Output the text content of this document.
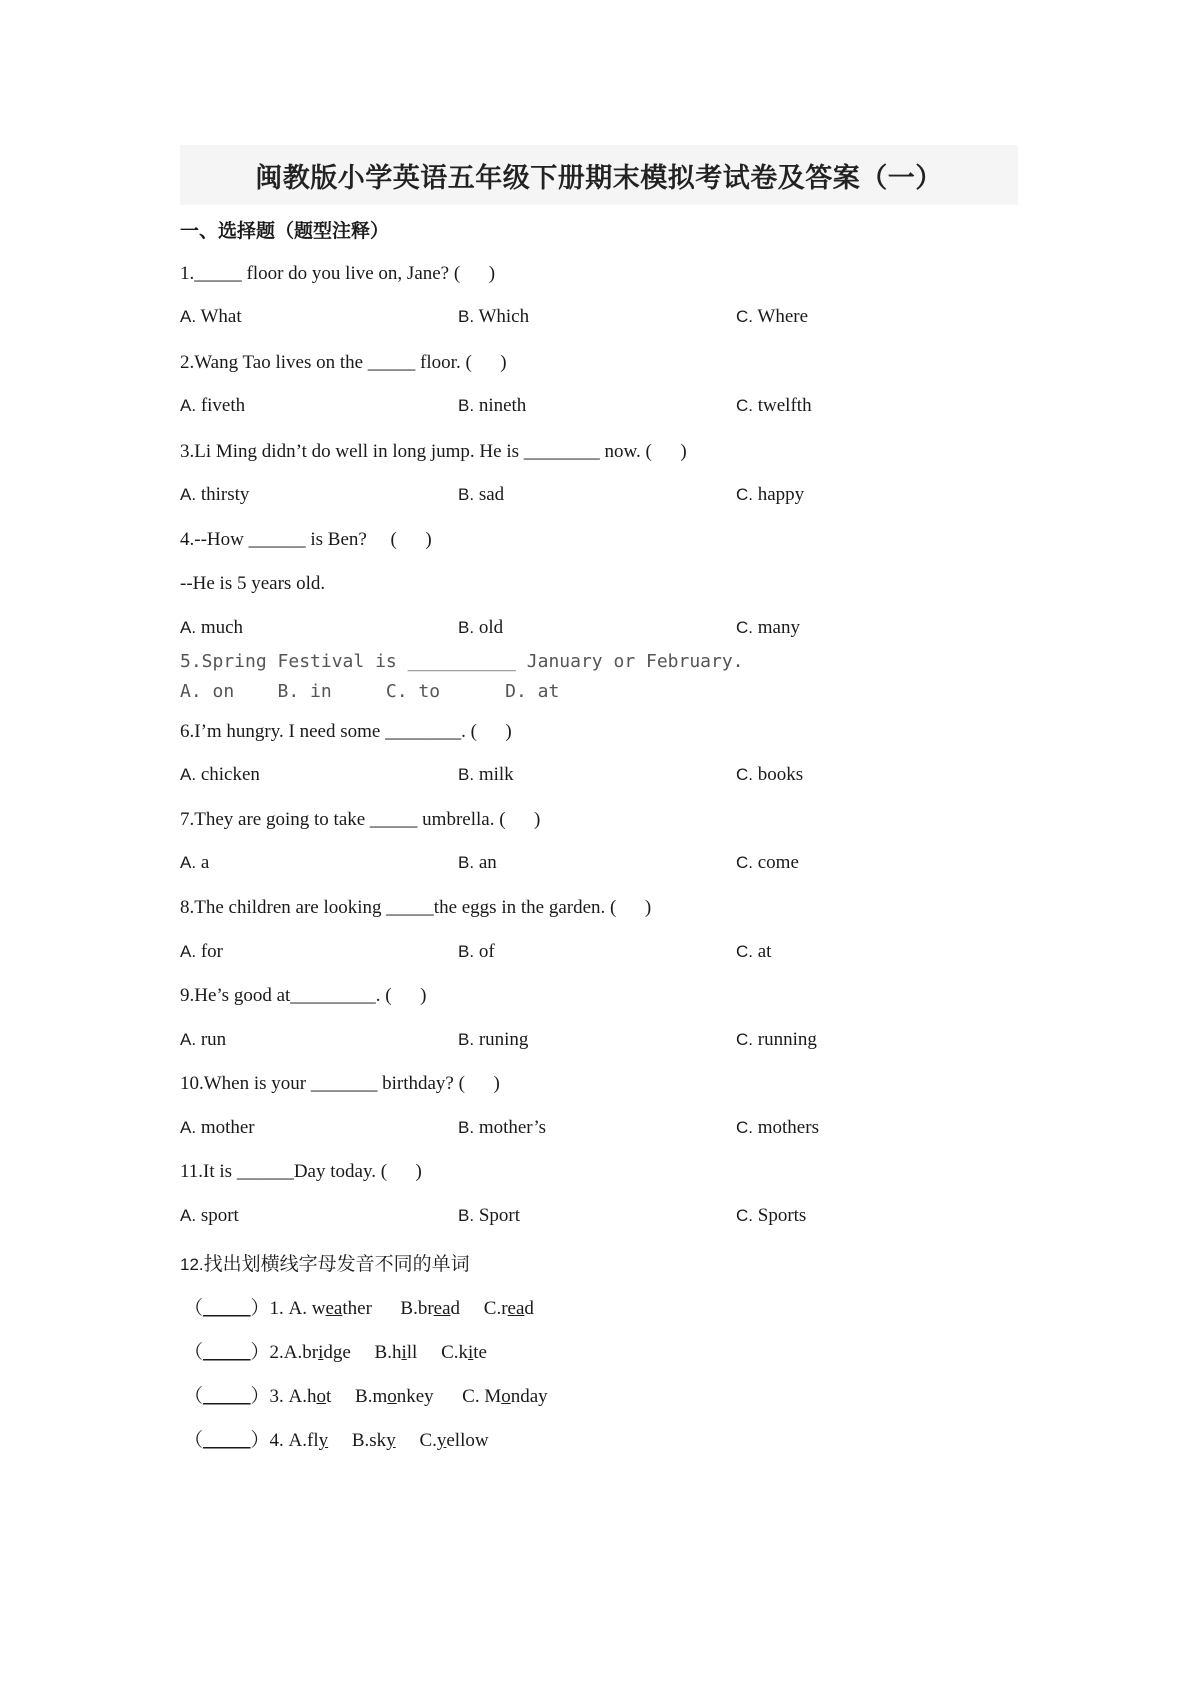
闽教版小学英语五年级下册期末模拟考试卷及答案（一）
一、选择题（题型注释）
1._____ floor do you live on, Jane? (      )
A. What	B. Which	C. Where
2.Wang Tao lives on the _____ floor. (      )
A. fiveth	B. nineth	C. twelfth
3.Li Ming didn’t do well in long jump. He is ________ now. (      )
A. thirsty	B. sad	C. happy
4.--How ______ is Ben?     (      )
--He is 5 years old.
A. much	B. old	C. many
5.Spring Festival is __________ January or February.
A. on    B. in     C. to      D. at
6.I’m hungry. I need some ________. (      )
A. chicken	B. milk	C. books
7.They are going to take _____ umbrella. (      )
A. a	B. an	C. come
8.The children are looking _____the eggs in the garden. (      )
A. for	B. of	C. at
9.He’s good at_________. (      )
A. run	B. runing	C. running
10.When is your _______ birthday? (      )
A. mother	B. mother’s	C. mothers
11.It is ______Day today. (      )
A. sport	B. Sport	C. Sports
12.找出划横线字母发音不同的单词
（_____）1. A. weather      B.bread     C.read
（_____）2.A.bridge     B.hill     C.kite
（_____）3. A.hot     B.monkey      C. Monday
（_____）4. A.fly     B.sky     C.yellow
